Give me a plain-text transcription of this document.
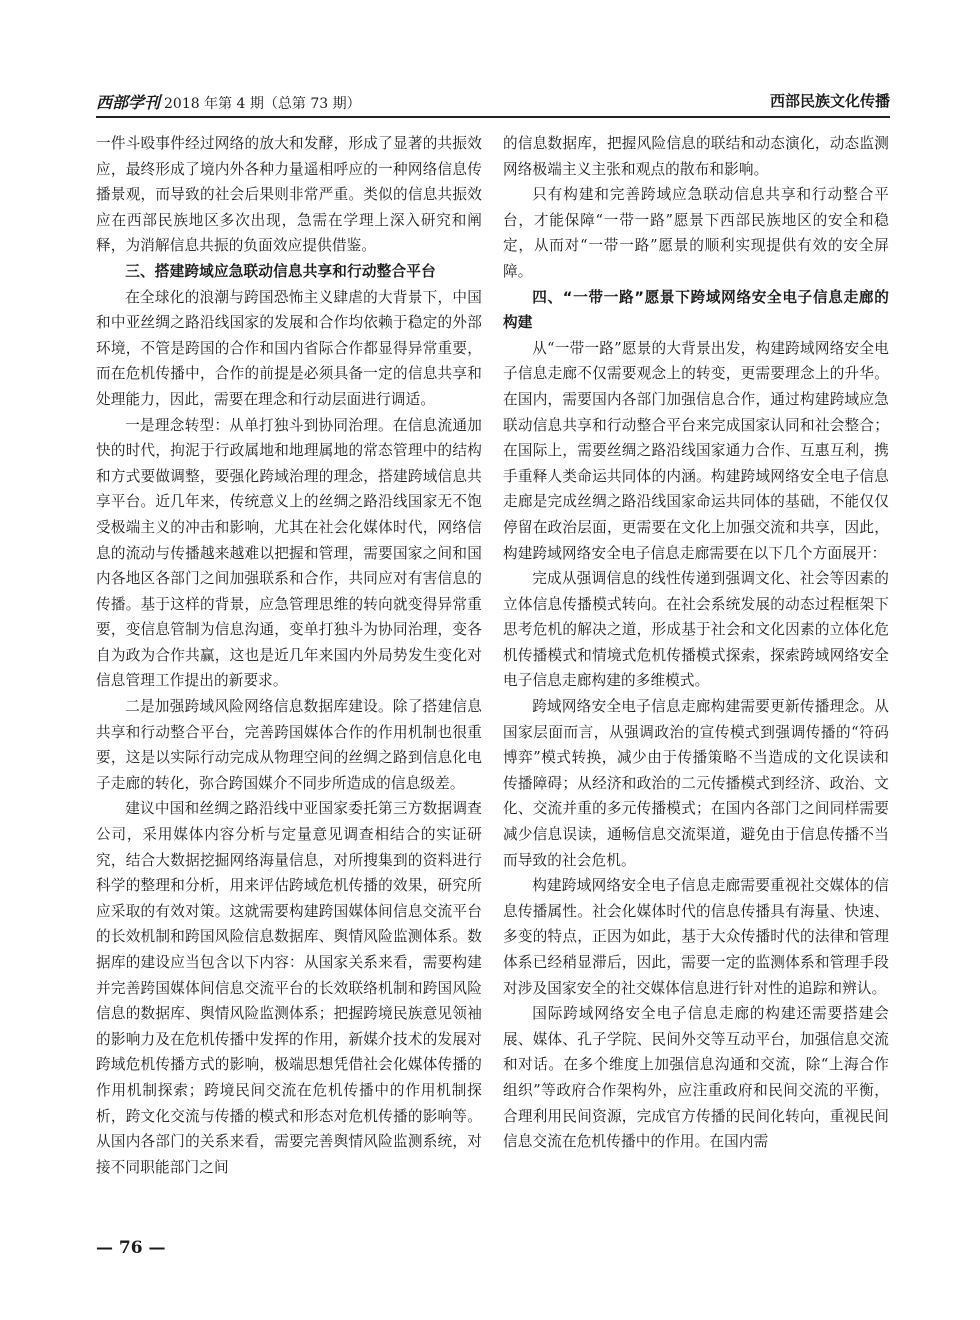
西部学刊 2018 年第 4 期（总第 73 期）	西部民族文化传播

一件斗殴事件经过网络的放大和发酵，形成了显著的共振效应，最终形成了境内外各种力量遥相呼应的一种网络信息传播景观，而导致的社会后果则非常严重。类似的信息共振效应在西部民族地区多次出现，急需在学理上深入研究和阐释，为消解信息共振的负面效应提供借鉴。

三、搭建跨域应急联动信息共享和行动整合平台

在全球化的浪潮与跨国恐怖主义肆虐的大背景下，中国和中亚丝绸之路沿线国家的发展和合作均依赖于稳定的外部环境，不管是跨国的合作和国内省际合作都显得异常重要，而在危机传播中，合作的前提是必须具备一定的信息共享和处理能力，因此，需要在理念和行动层面进行调适。

一是理念转型：从单打独斗到协同治理。在信息流通加快的时代，拘泥于行政属地和地理属地的常态管理中的结构和方式要做调整，要强化跨域治理的理念，搭建跨域信息共享平台。近几年来，传统意义上的丝绸之路沿线国家无不饱受极端主义的冲击和影响，尤其在社会化媒体时代，网络信息的流动与传播越来越难以把握和管理，需要国家之间和国内各地区各部门之间加强联系和合作，共同应对有害信息的传播。基于这样的背景，应急管理思维的转向就变得异常重要，变信息管制为信息沟通，变单打独斗为协同治理，变各自为政为合作共赢，这也是近几年来国内外局势发生变化对信息管理工作提出的新要求。

二是加强跨域风险网络信息数据库建设。除了搭建信息共享和行动整合平台，完善跨国媒体合作的作用机制也很重要，这是以实际行动完成从物理空间的丝绸之路到信息化电子走廊的转化，弥合跨国媒介不同步所造成的信息级差。

建议中国和丝绸之路沿线中亚国家委托第三方数据调查公司，采用媒体内容分析与定量意见调查相结合的实证研究，结合大数据挖掘网络海量信息，对所搜集到的资料进行科学的整理和分析，用来评估跨域危机传播的效果，研究所应采取的有效对策。这就需要构建跨国媒体间信息交流平台的长效机制和跨国风险信息数据库、舆情风险监测体系。数据库的建设应当包含以下内容：从国家关系来看，需要构建并完善跨国媒体间信息交流平台的长效联络机制和跨国风险信息的数据库、舆情风险监测体系；把握跨境民族意见领袖的影响力及在危机传播中发挥的作用，新媒介技术的发展对跨域危机传播方式的影响，极端思想凭借社会化媒体传播的作用机制探索；跨境民间交流在危机传播中的作用机制探析，跨文化交流与传播的模式和形态对危机传播的影响等。从国内各部门的关系来看，需要完善舆情风险监测系统，对接不同职能部门之间

的信息数据库，把握风险信息的联结和动态演化，动态监测网络极端主义主张和观点的散布和影响。

只有构建和完善跨域应急联动信息共享和行动整合平台，才能保障“一带一路”愿景下西部民族地区的安全和稳定，从而对“一带一路”愿景的顺利实现提供有效的安全屏障。

四、“一带一路”愿景下跨域网络安全电子信息走廊的构建

从“一带一路”愿景的大背景出发，构建跨域网络安全电子信息走廊不仅需要观念上的转变，更需要理念上的升华。在国内，需要国内各部门加强信息合作，通过构建跨域应急联动信息共享和行动整合平台来完成国家认同和社会整合；在国际上，需要丝绸之路沿线国家通力合作、互惠互利，携手重释人类命运共同体的内涵。构建跨域网络安全电子信息走廊是完成丝绸之路沿线国家命运共同体的基础，不能仅仅停留在政治层面，更需要在文化上加强交流和共享，因此，构建跨域网络安全电子信息走廊需要在以下几个方面展开：

完成从强调信息的线性传递到强调文化、社会等因素的立体信息传播模式转向。在社会系统发展的动态过程框架下思考危机的解决之道，形成基于社会和文化因素的立体化危机传播模式和情境式危机传播模式探索，探索跨域网络安全电子信息走廊构建的多维模式。

跨域网络安全电子信息走廊构建需要更新传播理念。从国家层面而言，从强调政治的宣传模式到强调传播的“符码博弈”模式转换，减少由于传播策略不当造成的文化误读和传播障碍；从经济和政治的二元传播模式到经济、政治、文化、交流并重的多元传播模式；在国内各部门之间同样需要减少信息误读，通畅信息交流渠道，避免由于信息传播不当而导致的社会危机。

构建跨域网络安全电子信息走廊需要重视社交媒体的信息传播属性。社会化媒体时代的信息传播具有海量、快速、多变的特点，正因为如此，基于大众传播时代的法律和管理体系已经稍显滞后，因此，需要一定的监测体系和管理手段对涉及国家安全的社交媒体信息进行针对性的追踪和辨认。

国际跨域网络安全电子信息走廊的构建还需要搭建会展、媒体、孔子学院、民间外交等互动平台，加强信息交流和对话。在多个维度上加强信息沟通和交流，除“上海合作组织”等政府合作架构外，应注重政府和民间交流的平衡，合理利用民间资源，完成官方传播的民间化转向，重视民间信息交流在危机传播中的作用。在国内需

— 76 —
